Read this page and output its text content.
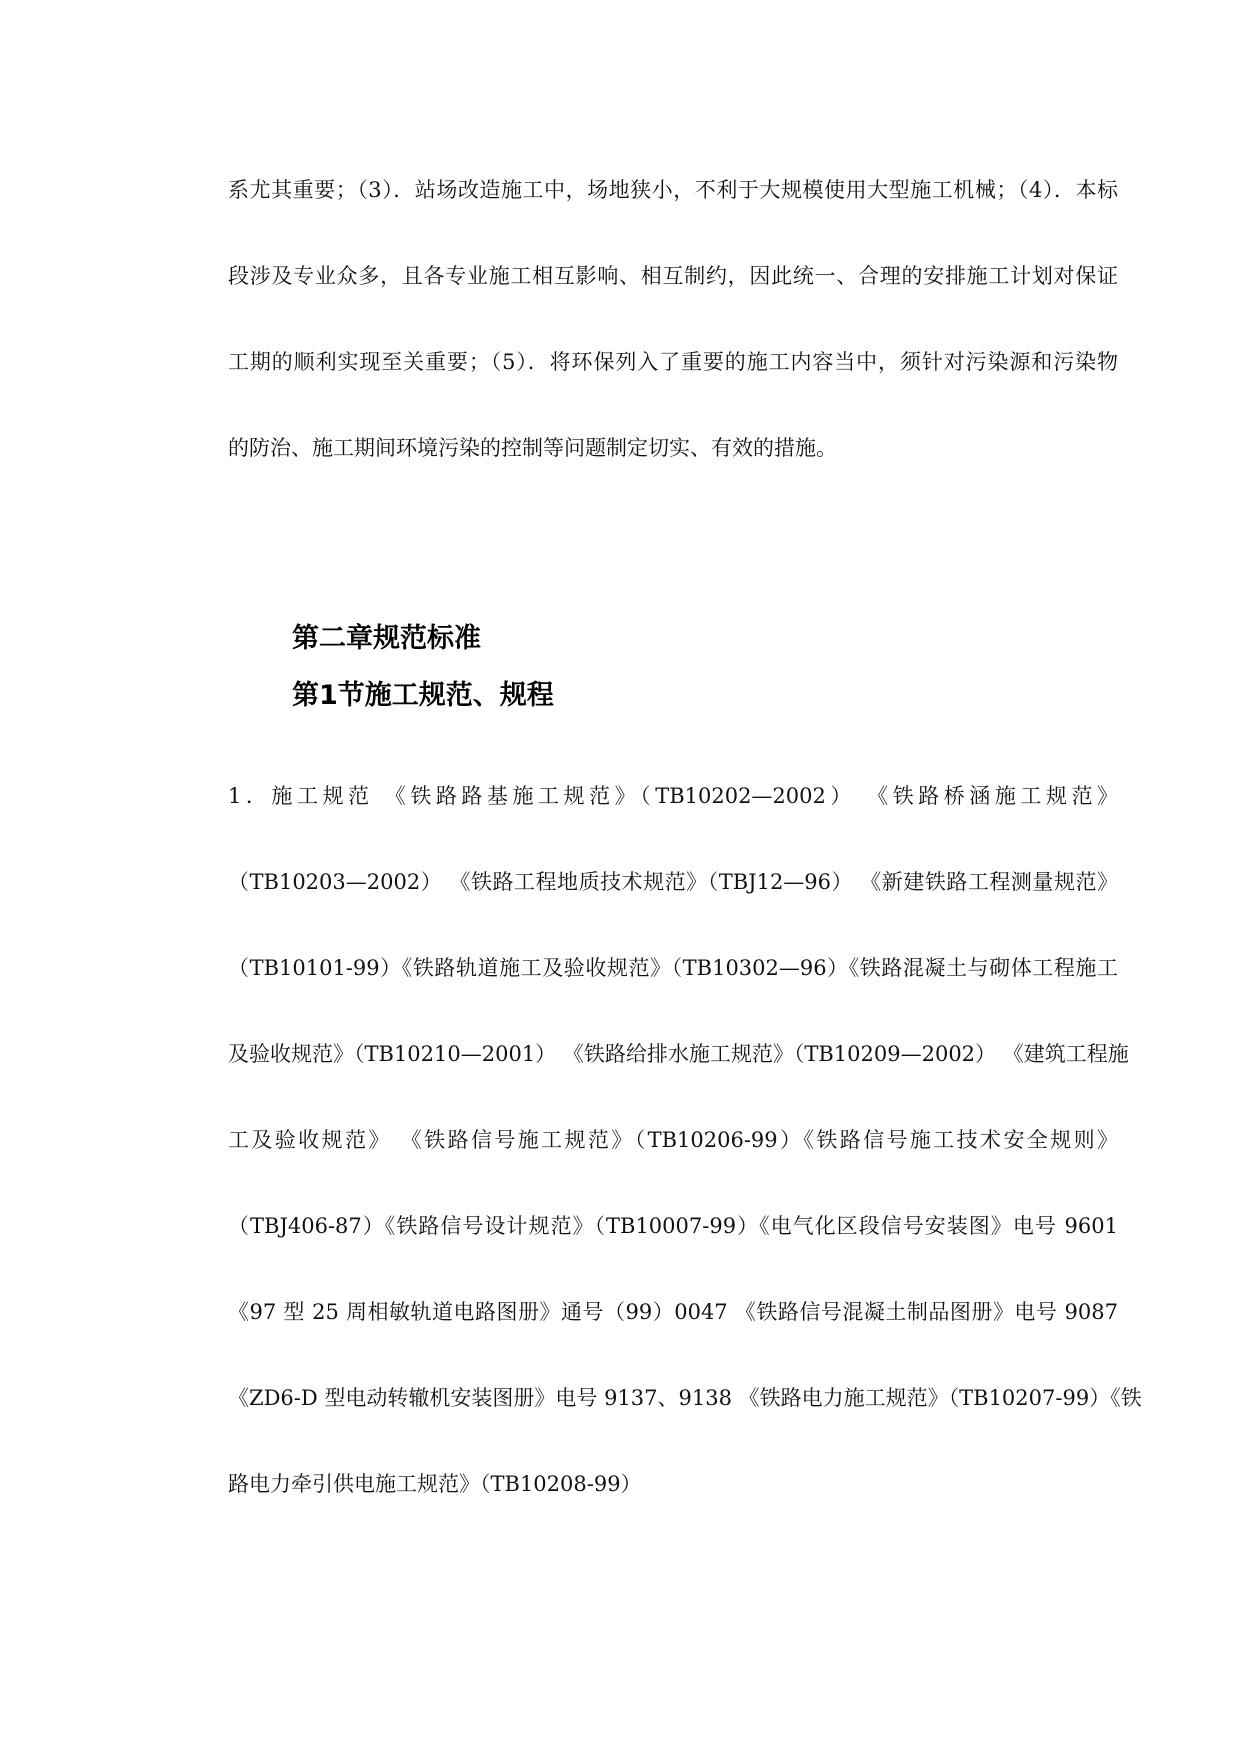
系尤其重要；（3）．站场改造施工中，场地狭小，不利于大规模使用大型施工机械；（4）．本标
段涉及专业众多，且各专业施工相互影响、相互制约，因此统一、合理的安排施工计划对保证
工期的顺利实现至关重要；（5）．将环保列入了重要的施工内容当中，须针对污染源和污染物
的防治、施工期间环境污染的控制等问题制定切实、有效的措施。
第二章规范标准
第1节施工规范、规程
1．施工规范 《铁路路基施工规范》（TB10202—2002） 《铁路桥涵施工规范》
（TB10203—2002） 《铁路工程地质技术规范》（TBJ12—96） 《新建铁路工程测量规范》
（TB10101-99）《铁路轨道施工及验收规范》（TB10302—96）《铁路混凝土与砌体工程施工
及验收规范》（TB10210—2001） 《铁路给排水施工规范》（TB10209—2002） 《建筑工程施
工及验收规范》 《铁路信号施工规范》（TB10206-99）《铁路信号施工技术安全规则》
（TBJ406-87）《铁路信号设计规范》（TB10007-99）《电气化区段信号安装图》电号 9601
《97 型 25 周相敏轨道电路图册》通号（99）0047 《铁路信号混凝土制品图册》电号 9087
《ZD6-D 型电动转辙机安装图册》电号 9137、9138 《铁路电力施工规范》（TB10207-99）《铁
路电力牵引供电施工规范》（TB10208-99）
